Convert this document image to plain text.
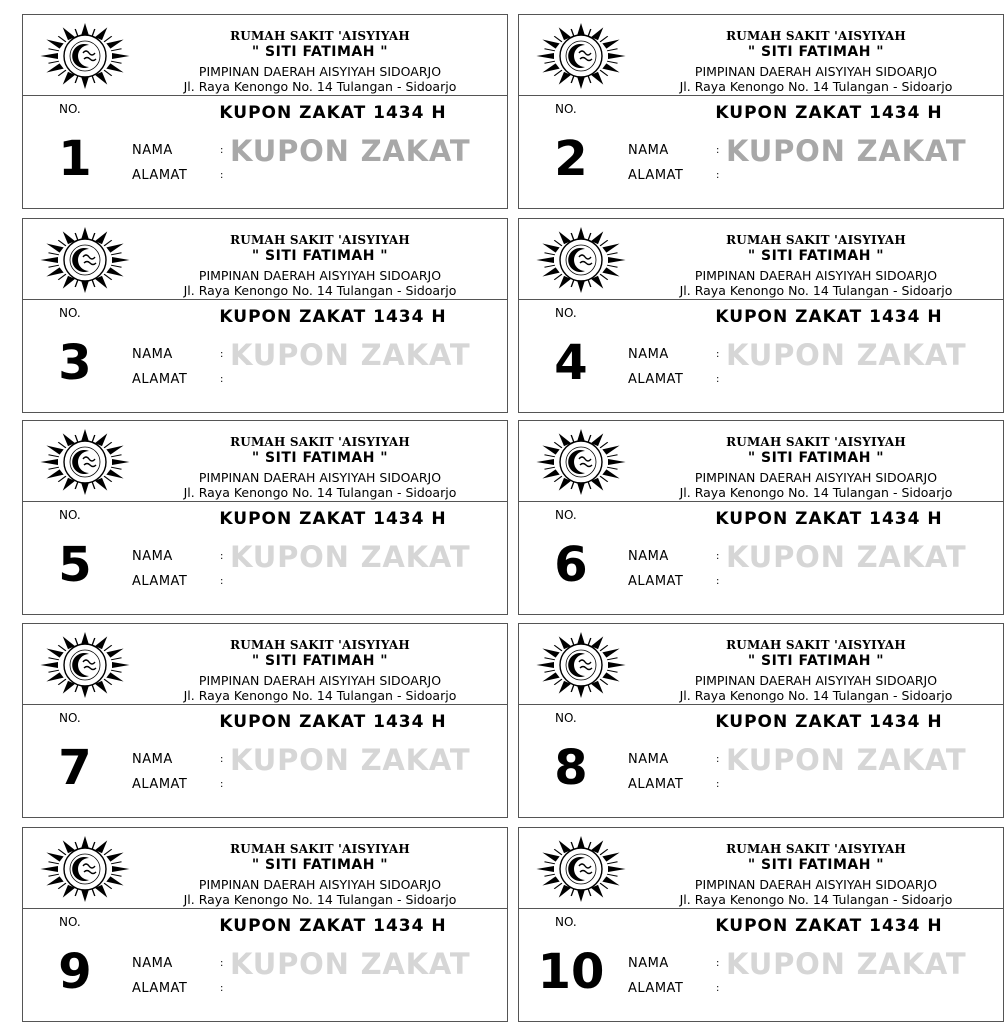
RUMAH SAKIT 'AISYIYAH
" SITI FATIMAH "
PIMPINAN DAERAH AISYIYAH SIDOARJO
Jl. Raya Kenongo No. 14 Tulangan - Sidoarjo
NO.	KUPON ZAKAT 1434 H
1	NAMA	:
ALAMAT	:
KUPON ZAKAT
RUMAH SAKIT 'AISYIYAH
" SITI FATIMAH "
PIMPINAN DAERAH AISYIYAH SIDOARJO
Jl. Raya Kenongo No. 14 Tulangan - Sidoarjo
NO.	KUPON ZAKAT 1434 H
2	NAMA	:
ALAMAT	:
KUPON ZAKAT
RUMAH SAKIT 'AISYIYAH
" SITI FATIMAH "
PIMPINAN DAERAH AISYIYAH SIDOARJO
Jl. Raya Kenongo No. 14 Tulangan - Sidoarjo
NO.	KUPON ZAKAT 1434 H
3	NAMA	:
ALAMAT	:
KUPON ZAKAT
RUMAH SAKIT 'AISYIYAH
" SITI FATIMAH "
PIMPINAN DAERAH AISYIYAH SIDOARJO
Jl. Raya Kenongo No. 14 Tulangan - Sidoarjo
NO.	KUPON ZAKAT 1434 H
4	NAMA	:
ALAMAT	:
KUPON ZAKAT
RUMAH SAKIT 'AISYIYAH
" SITI FATIMAH "
PIMPINAN DAERAH AISYIYAH SIDOARJO
Jl. Raya Kenongo No. 14 Tulangan - Sidoarjo
NO.	KUPON ZAKAT 1434 H
5	NAMA	:
ALAMAT	:
KUPON ZAKAT
RUMAH SAKIT 'AISYIYAH
" SITI FATIMAH "
PIMPINAN DAERAH AISYIYAH SIDOARJO
Jl. Raya Kenongo No. 14 Tulangan - Sidoarjo
NO.	KUPON ZAKAT 1434 H
6	NAMA	:
ALAMAT	:
KUPON ZAKAT
RUMAH SAKIT 'AISYIYAH
" SITI FATIMAH "
PIMPINAN DAERAH AISYIYAH SIDOARJO
Jl. Raya Kenongo No. 14 Tulangan - Sidoarjo
NO.	KUPON ZAKAT 1434 H
7	NAMA	:
ALAMAT	:
KUPON ZAKAT
RUMAH SAKIT 'AISYIYAH
" SITI FATIMAH "
PIMPINAN DAERAH AISYIYAH SIDOARJO
Jl. Raya Kenongo No. 14 Tulangan - Sidoarjo
NO.	KUPON ZAKAT 1434 H
8	NAMA	:
ALAMAT	:
KUPON ZAKAT
RUMAH SAKIT 'AISYIYAH
" SITI FATIMAH "
PIMPINAN DAERAH AISYIYAH SIDOARJO
Jl. Raya Kenongo No. 14 Tulangan - Sidoarjo
NO.	KUPON ZAKAT 1434 H
9	NAMA	:
ALAMAT	:
KUPON ZAKAT
RUMAH SAKIT 'AISYIYAH
" SITI FATIMAH "
PIMPINAN DAERAH AISYIYAH SIDOARJO
Jl. Raya Kenongo No. 14 Tulangan - Sidoarjo
NO.	KUPON ZAKAT 1434 H
10	NAMA	:
ALAMAT	:
KUPON ZAKAT
